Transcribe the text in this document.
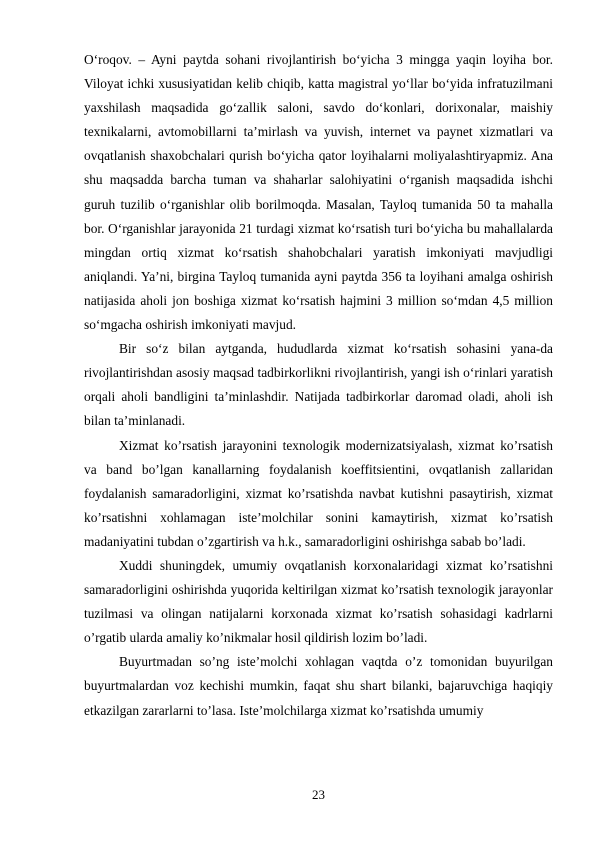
O‘roqov. – Ayni paytda sohani rivojlantirish bo‘yicha 3 mingga yaqin loyiha bor. Viloyat ichki xususiyatidan kelib chiqib, katta magistral yo‘llar bo‘yida infratuzilmani yaxshilash maqsadida go‘zallik saloni, savdo do‘konlari, dorixonalar, maishiy texnikalarni, avtomobillarni ta’mirlash va yuvish, internet va paynet xizmatlari va ovqatlanish shaxobchalari qurish bo‘yicha qator loyihalarni moliyalashtiryapmiz. Ana shu maqsadda barcha tuman va shaharlar salohiyatini o‘rganish maqsadida ishchi guruh tuzilib o‘rganishlar olib borilmoqda. Masalan, Tayloq tumanida 50 ta mahalla bor. O‘rganishlar jarayonida 21 turdagi xizmat ko‘rsatish turi bo‘yicha bu mahallalarda mingdan ortiq xizmat ko‘rsatish shahobchalari yaratish imkoniyati mavjudligi aniqlandi. Ya’ni, birgina Tayloq tumanida ayni paytda 356 ta loyihani amalga oshirish natijasida aholi jon boshiga xizmat ko‘rsatish hajmini 3 million so‘mdan 4,5 million so‘mgacha oshirish imkoniyati mavjud.

Bir so‘z bilan aytganda, hududlarda xizmat ko‘rsatish sohasini yana-da rivojlantirishdan asosiy maqsad tadbirkorlikni rivojlantirish, yangi ish o‘rinlari yaratish orqali aholi bandligini ta’minlashdir. Natijada tadbirkorlar daromad oladi, aholi ish bilan ta’minlanadi.

Xizmat ko’rsatish jarayonini texnologik modernizatsiyalash, xizmat ko’rsatish va band bo’lgan kanallarning foydalanish koeffitsientini, ovqatlanish zallaridan foydalanish samaradorligini, xizmat ko’rsatishda navbat kutishni pasaytirish, xizmat ko’rsatishni xohlamagan iste’molchilar sonini kamaytirish, xizmat ko’rsatish madaniyatini tubdan o’zgartirish va h.k., samaradorligini oshirishga sabab bo’ladi.

Xuddi shuningdek, umumiy ovqatlanish korxonalaridagi xizmat ko’rsatishni samaradorligini oshirishda yuqorida keltirilgan xizmat ko’rsatish texnologik jarayonlar tuzilmasi va olingan natijalarni korxonada xizmat ko’rsatish sohasidagi kadrlarni o’rgatib ularda amaliy ko’nikmalar hosil qildirish lozim bo’ladi.

Buyurtmadan so’ng iste’molchi xohlagan vaqtda o’z tomonidan buyurilgan buyurtmalardan voz kechishi mumkin, faqat shu shart bilanki, bajaruvchiga haqiqiy etkazilgan zararlarni to’lasa. Iste’molchilarga xizmat ko’rsatishda umumiy

23
